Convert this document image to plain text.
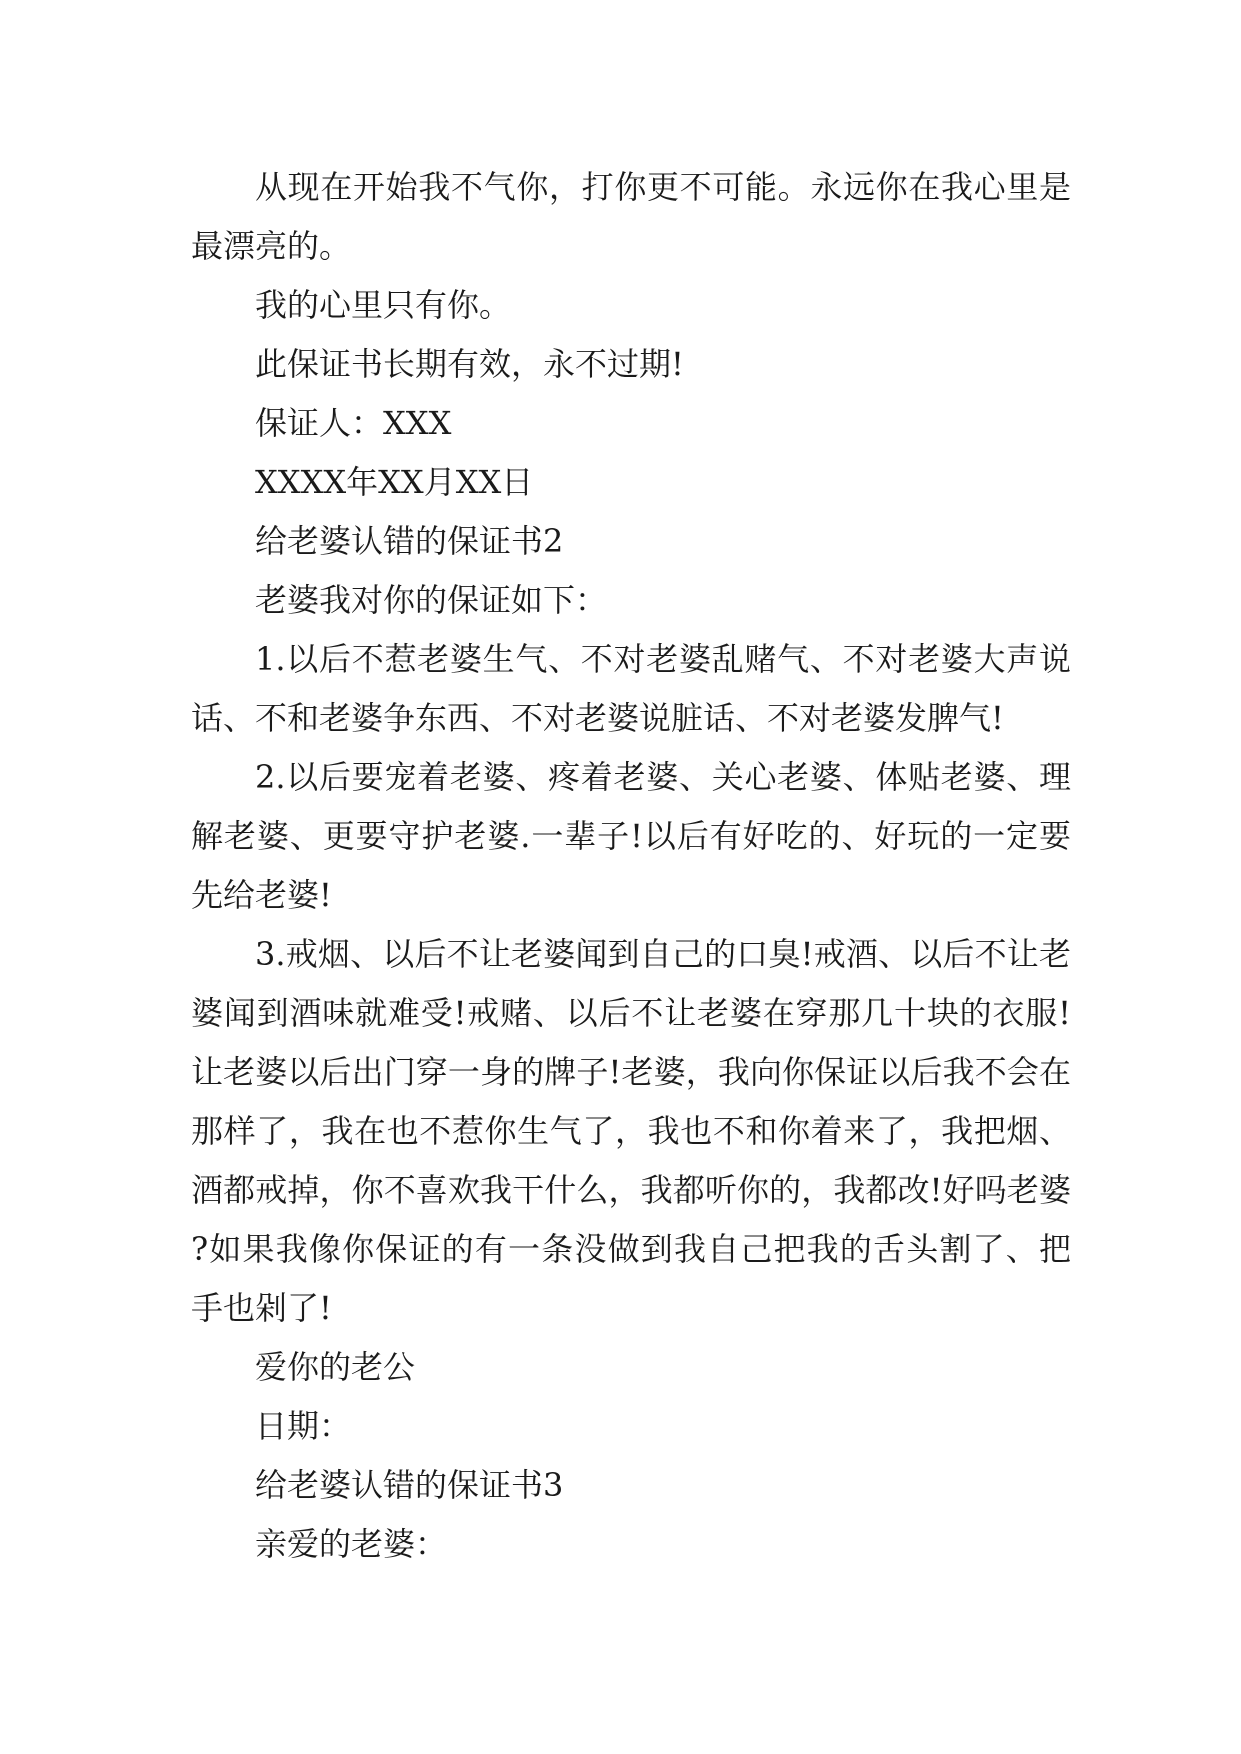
从现在开始我不气你，打你更不可能。永远你在我心里是最漂亮的。

我的心里只有你。

此保证书长期有效，永不过期!

保证人：XXX

XXXX年XX月XX日

给老婆认错的保证书2

老婆我对你的保证如下：

1.以后不惹老婆生气、不对老婆乱赌气、不对老婆大声说话、不和老婆争东西、不对老婆说脏话、不对老婆发脾气!

2.以后要宠着老婆、疼着老婆、关心老婆、体贴老婆、理解老婆、更要守护老婆.一辈子!以后有好吃的、好玩的一定要先给老婆!

3.戒烟、以后不让老婆闻到自己的口臭!戒酒、以后不让老婆闻到酒味就难受!戒赌、以后不让老婆在穿那几十块的衣服!让老婆以后出门穿一身的牌子!老婆，我向你保证以后我不会在那样了，我在也不惹你生气了，我也不和你着来了，我把烟、酒都戒掉，你不喜欢我干什么，我都听你的，我都改!好吗老婆?如果我像你保证的有一条没做到我自己把我的舌头割了、把手也剁了!

爱你的老公

日期：

给老婆认错的保证书3

亲爱的老婆：
